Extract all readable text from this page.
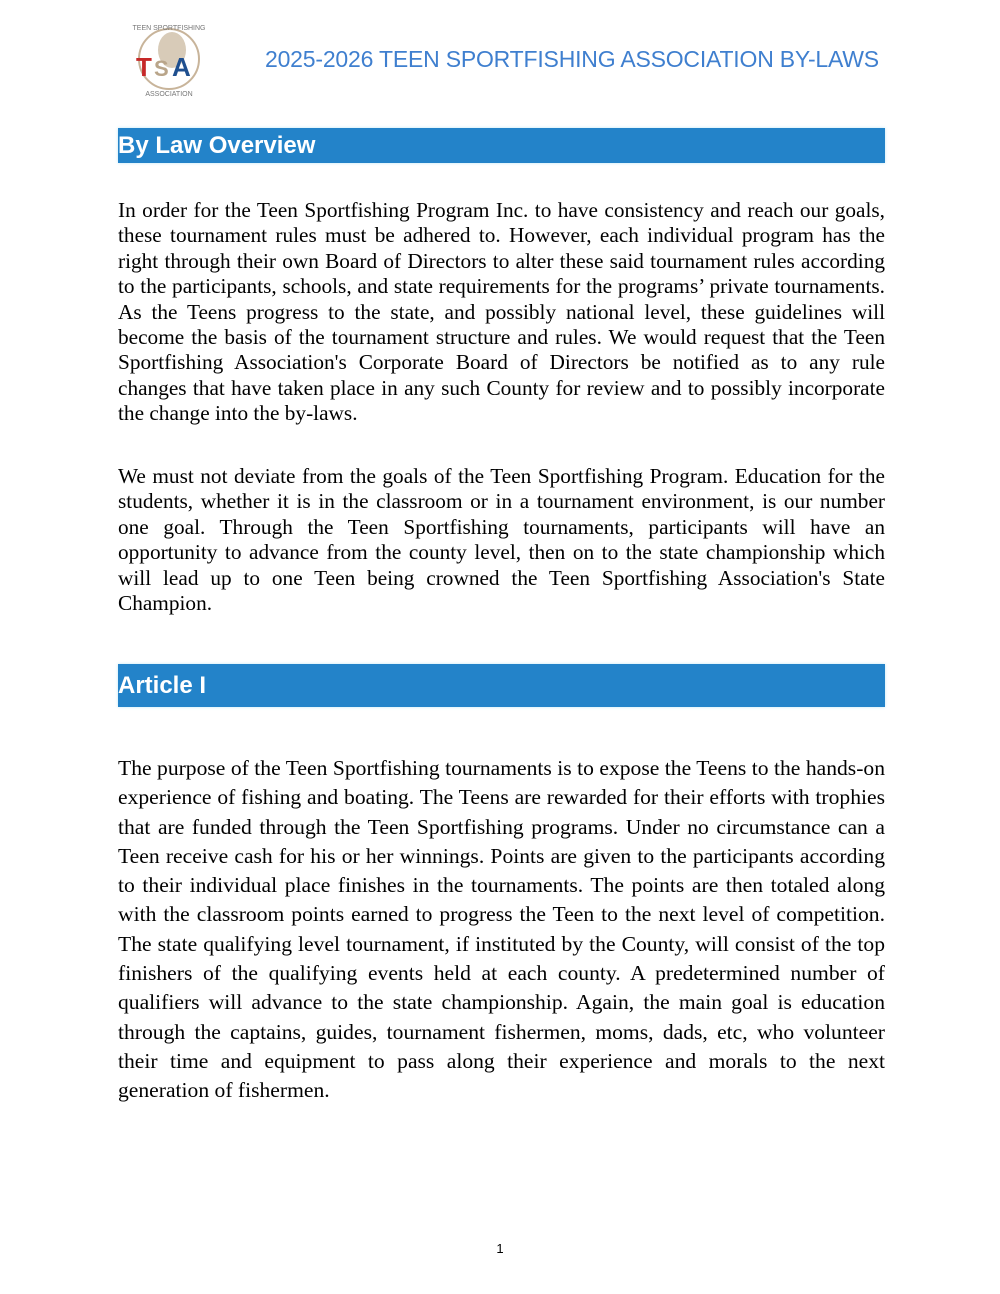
TEEN SPORTFISHING
ASSOCIATION
T S A	2025-2026 TEEN SPORTFISHING ASSOCIATION BY-LAWS
By Law Overview

In order for the Teen Sportfishing Program Inc. to have consistency and reach our goals, these tournament rules must be adhered to. However, each individual program has the right through their own Board of Directors to alter these said tournament rules according to the participants, schools, and state requirements for the programs’ private tournaments. As the Teens progress to the state, and possibly national level, these guidelines will become the basis of the tournament structure and rules. We would request that the Teen Sportfishing Association's Corporate Board of Directors be notified as to any rule changes that have taken place in any such County for review and to possibly incorporate the change into the by-laws.

We must not deviate from the goals of the Teen Sportfishing Program. Education for the students, whether it is in the classroom or in a tournament environment, is our number one goal. Through the Teen Sportfishing tournaments, participants will have an opportunity to advance from the county level, then on to the state championship which will lead up to one Teen being crowned the Teen Sportfishing Association's State Champion.

Article I

The purpose of the Teen Sportfishing tournaments is to expose the Teens to the hands-on experience of fishing and boating. The Teens are rewarded for their efforts with trophies that are funded through the Teen Sportfishing programs. Under no circumstance can a Teen receive cash for his or her winnings. Points are given to the participants according to their individual place finishes in the tournaments. The points are then totaled along with the classroom points earned to progress the Teen to the next level of competition. The state qualifying level tournament, if instituted by the County, will consist of the top finishers of the qualifying events held at each county. A predetermined number of qualifiers will advance to the state championship. Again, the main goal is education through the captains, guides, tournament fishermen, moms, dads, etc, who volunteer their time and equipment to pass along their experience and morals to the next generation of fishermen.

1
